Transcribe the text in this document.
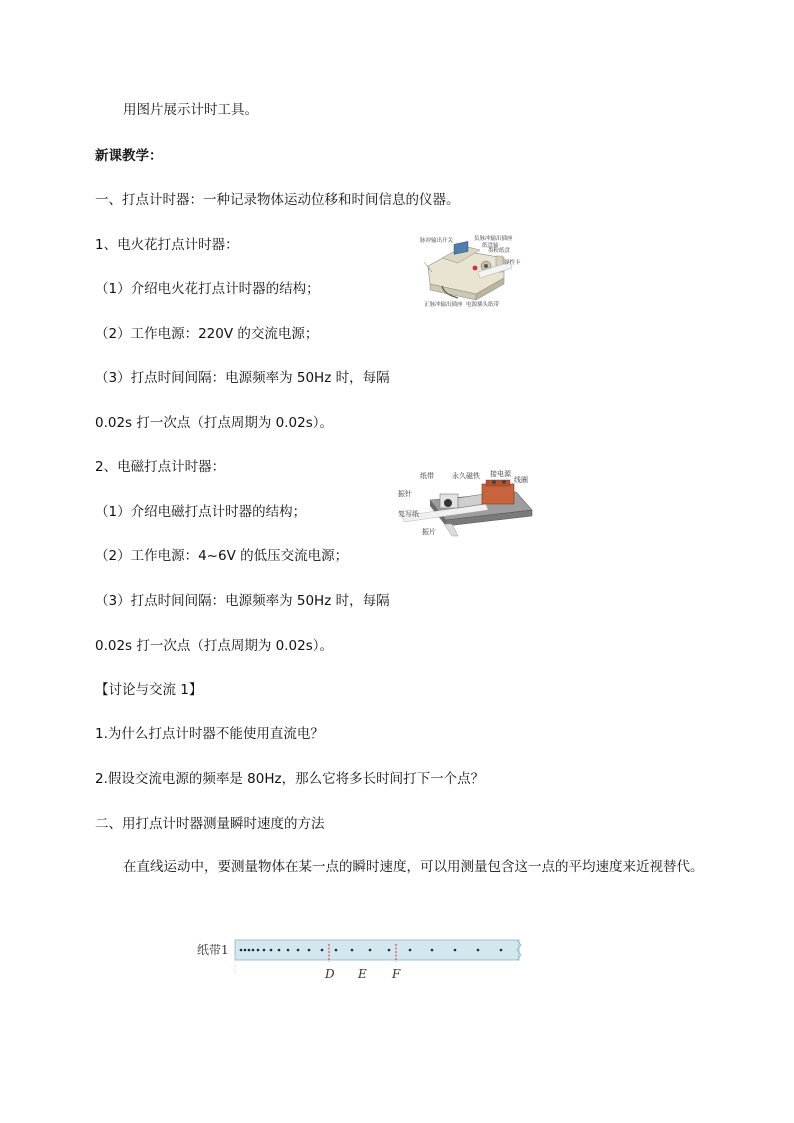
用图片展示计时工具。
新课教学：
一、打点计时器：一种记录物体运动位移和时间信息的仪器。
1、电火花打点计时器：
（1）介绍电火花打点计时器的结构；
（2）工作电源：220V 的交流电源；
（3）打点时间间隔：电源频率为 50Hz 时，每隔
0.02s 打一次点（打点周期为 0.02s）。
2、电磁打点计时器：
（1）介绍电磁打点计时器的结构；
（2）工作电源：4~6V 的低压交流电源；
（3）打点时间间隔：电源频率为 50Hz 时，每隔
0.02s 打一次点（打点周期为 0.02s）。
【讨论与交流 1】
1.为什么打点计时器不能使用直流电？
2.假设交流电源的频率是 80Hz，那么它将多长时间打下一个点？
二、用打点计时器测量瞬时速度的方法
在直线运动中，要测量物体在某一点的瞬时速度，可以用测量包含这一点的平均速度来近视替代。
脉冲输出开关	负脉冲输出插座
墨粉纸盘
纸盘轴
弹性卡
正脉冲输出插座 电源插头 纸带
纸带	永久磁铁 接电源
线圈
振针
复写纸
振片
纸带1
D E F
